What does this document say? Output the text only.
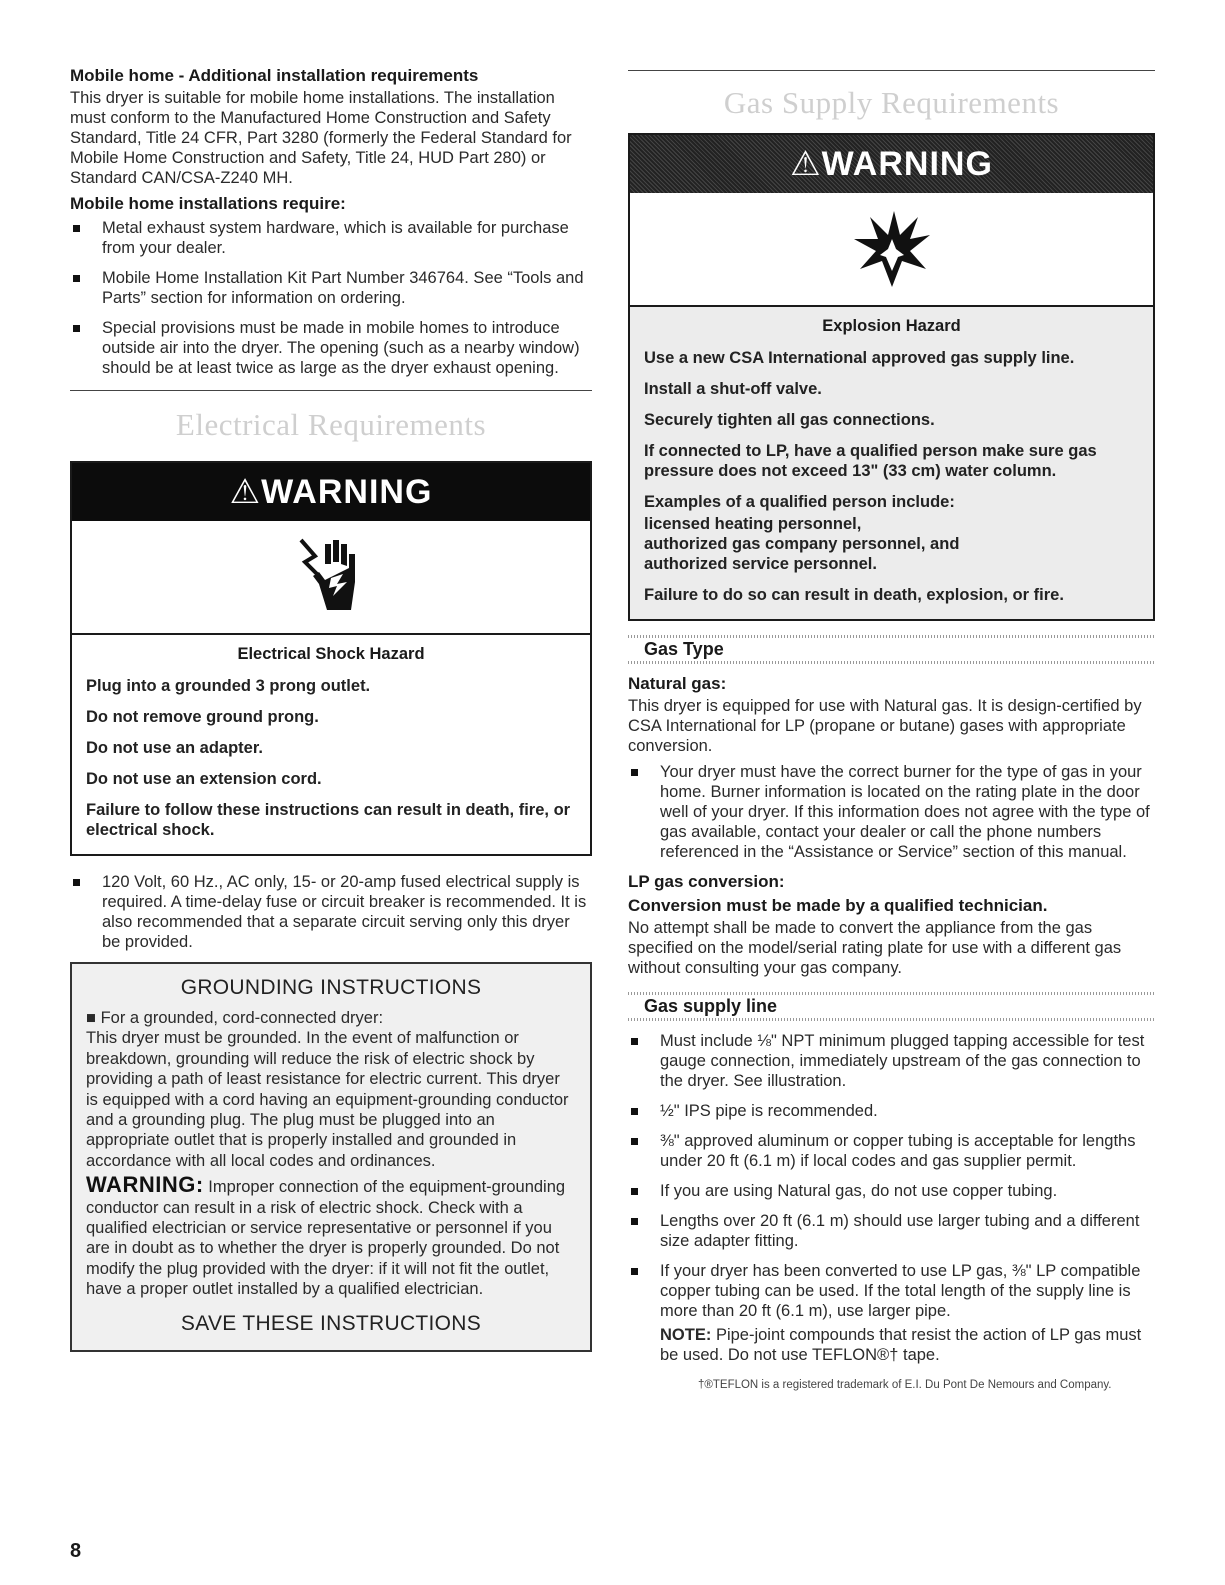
Mobile home - Additional installation requirements

This dryer is suitable for mobile home installations. The installation must conform to the Manufactured Home Construction and Safety Standard, Title 24 CFR, Part 3280 (formerly the Federal Standard for Mobile Home Construction and Safety, Title 24, HUD Part 280) or Standard CAN/CSA-Z240 MH.

Mobile home installations require:
Metal exhaust system hardware, which is available for purchase from your dealer.
Mobile Home Installation Kit Part Number 346764. See “Tools and Parts” section for information on ordering.
Special provisions must be made in mobile homes to introduce outside air into the dryer. The opening (such as a nearby window) should be at least twice as large as the dryer exhaust opening.
Electrical Requirements
⚠WARNING

Electrical Shock Hazard

Plug into a grounded 3 prong outlet.

Do not remove ground prong.

Do not use an adapter.

Do not use an extension cord.

Failure to follow these instructions can result in death, fire, or electrical shock.

120 Volt, 60 Hz., AC only, 15- or 20-amp fused electrical supply is required. A time-delay fuse or circuit breaker is recommended. It is also recommended that a separate circuit serving only this dryer be provided.
GROUNDING INSTRUCTIONS

■ For a grounded, cord-connected dryer:

This dryer must be grounded. In the event of malfunction or breakdown, grounding will reduce the risk of electric shock by providing a path of least resistance for electric current. This dryer is equipped with a cord having an equipment-grounding conductor and a grounding plug. The plug must be plugged into an appropriate outlet that is properly installed and grounded in accordance with all local codes and ordinances.

WARNING: Improper connection of the equipment-grounding conductor can result in a risk of electric shock. Check with a qualified electrician or service representative or personnel if you are in doubt as to whether the dryer is properly grounded. Do not modify the plug provided with the dryer: if it will not fit the outlet, have a proper outlet installed by a qualified electrician.

SAVE THESE INSTRUCTIONS
Gas Supply Requirements
⚠WARNING

Explosion Hazard

Use a new CSA International approved gas supply line.

Install a shut-off valve.

Securely tighten all gas connections.

If connected to LP, have a qualified person make sure gas pressure does not exceed 13" (33 cm) water column.

Examples of a qualified person include:

licensed heating personnel,

authorized gas company personnel, and

authorized service personnel.

Failure to do so can result in death, explosion, or fire.

Gas Type
Natural gas:

This dryer is equipped for use with Natural gas. It is design-certified by CSA International for LP (propane or butane) gases with appropriate conversion.

Your dryer must have the correct burner for the type of gas in your home. Burner information is located on the rating plate in the door well of your dryer. If this information does not agree with the type of gas available, contact your dealer or call the phone numbers referenced in the “Assistance or Service” section of this manual.
LP gas conversion:

Conversion must be made by a qualified technician.

No attempt shall be made to convert the appliance from the gas specified on the model/serial rating plate for use with a different gas without consulting your gas company.

Gas supply line
Must include ⅛" NPT minimum plugged tapping accessible for test gauge connection, immediately upstream of the gas connection to the dryer. See illustration.
½" IPS pipe is recommended.
⅜" approved aluminum or copper tubing is acceptable for lengths under 20 ft (6.1 m) if local codes and gas supplier permit.
If you are using Natural gas, do not use copper tubing.
Lengths over 20 ft (6.1 m) should use larger tubing and a different size adapter fitting.
If your dryer has been converted to use LP gas, ⅜" LP compatible copper tubing can be used. If the total length of the supply line is more than 20 ft (6.1 m), use larger pipe.

NOTE: Pipe-joint compounds that resist the action of LP gas must be used. Do not use TEFLON®† tape.

†®TEFLON is a registered trademark of E.I. Du Pont De Nemours and Company.
8
